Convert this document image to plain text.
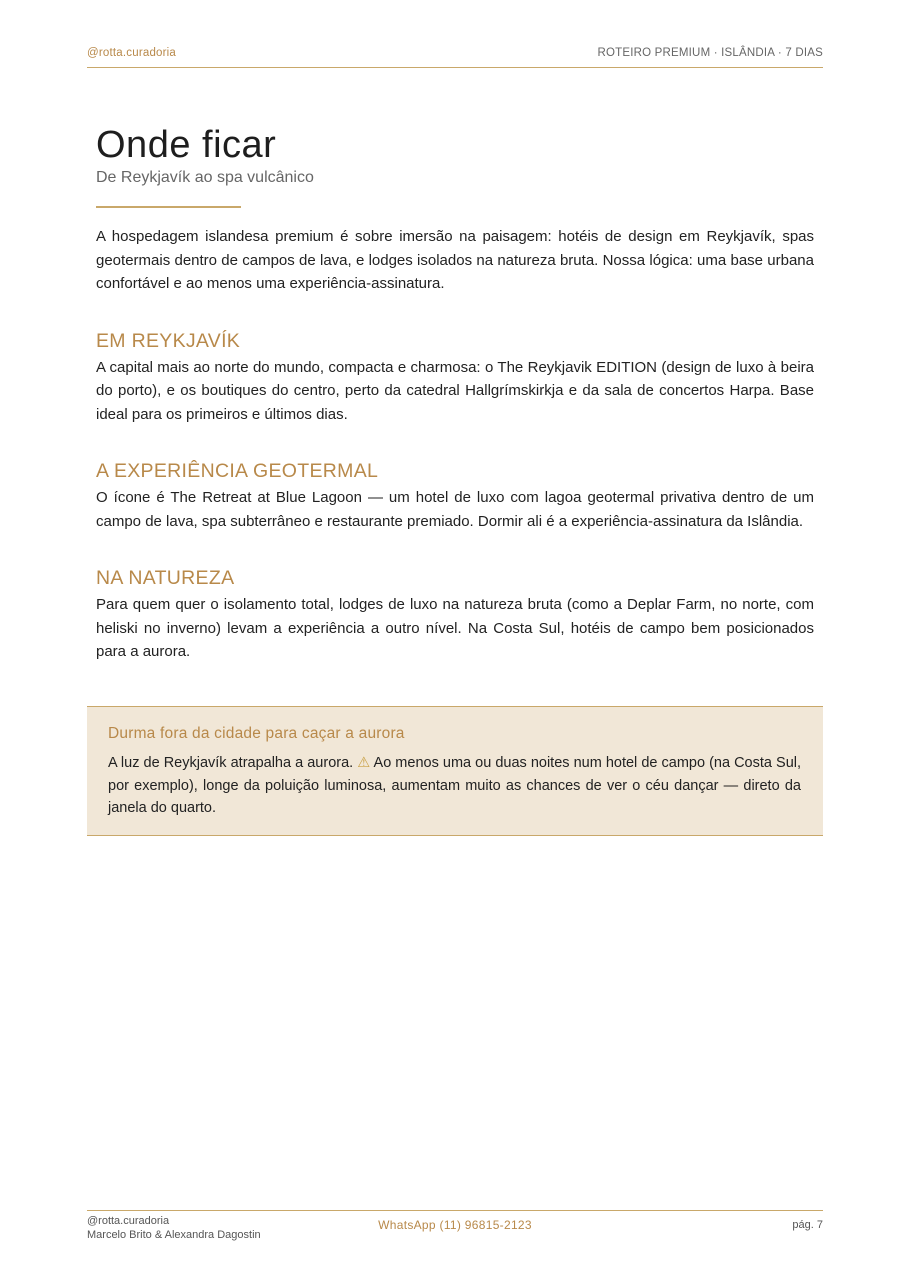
@rotta.curadoria	ROTEIRO PREMIUM · ISLÂNDIA · 7 DIAS
Onde ficar

De Reykjavík ao spa vulcânico

A hospedagem islandesa premium é sobre imersão na paisagem: hotéis de design em Reykjavík, spas geotermais dentro de campos de lava, e lodges isolados na natureza bruta. Nossa lógica: uma base urbana confortável e ao menos uma experiência-assinatura.

EM REYKJAVÍK

A capital mais ao norte do mundo, compacta e charmosa: o The Reykjavik EDITION (design de luxo à beira do porto), e os boutiques do centro, perto da catedral Hallgrímskirkja e da sala de concertos Harpa. Base ideal para os primeiros e últimos dias.

A EXPERIÊNCIA GEOTERMAL

O ícone é The Retreat at Blue Lagoon — um hotel de luxo com lagoa geotermal privativa dentro de um campo de lava, spa subterrâneo e restaurante premiado. Dormir ali é a experiência-assinatura da Islândia.

NA NATUREZA

Para quem quer o isolamento total, lodges de luxo na natureza bruta (como a Deplar Farm, no norte, com heliski no inverno) levam a experiência a outro nível. Na Costa Sul, hotéis de campo bem posicionados para a aurora.

Durma fora da cidade para caçar a aurora

A luz de Reykjavík atrapalha a aurora. ⚠ Ao menos uma ou duas noites num hotel de campo (na Costa Sul, por exemplo), longe da poluição luminosa, aumentam muito as chances de ver o céu dançar — direto da janela do quarto.

@rotta.curadoria
Marcelo Brito & Alexandra Dagostin
WhatsApp (11) 96815-2123	pág. 7
